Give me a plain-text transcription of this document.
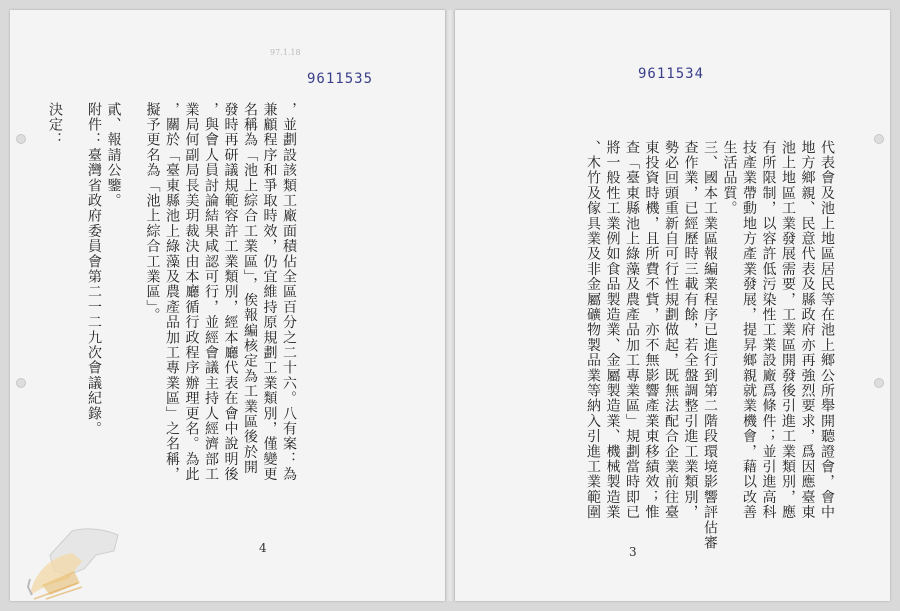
97.1.18
9611535
，並劃設該類工廠面積佔全區百分之二十六。八有案：為
兼顧程序和爭取時效，仍宜維持原規劃工業類別，僅變更
名稱為「池上綜合工業區」，俟報編核定為工業區後於開
發時再研議規範容許工業類別，經本廳代表在會中說明後
，與會人員討論結果咸認可行，並經會議主持人經濟部工
業局何副局長美玥裁決由本廳循行政程序辦理更名。為此
，關於「臺東縣池上綠藻及農產品加工專業區」之名稱，
擬予更名為「池上綜合工業區」。

貳、報請公鑒。
附件：臺灣省政府委員會第二一二九次會議紀錄。

決定：
4
9611534
代表會及池上地區居民等在池上鄉公所舉開聽證會，會中
地方鄉親、民意代表及縣政府亦再強烈要求，爲因應臺東
池上地區工業發展需要，工業區開發後引進工業類別，應
有所限制，以容許低污染性工業設廠爲條件；並引進高科
技產業帶動地方產業發展，提昇鄉親就業機會，藉以改善
生活品質。
三、國本工業區報編業程序已進行到第二階段環境影響評估審
查作業，已經歷時三載有餘，若全盤調整引進工業類別，
勢必回頭重新自可行性規劃做起，既無法配合企業前往臺
東投資時機，且所費不貲，亦不無影響產業東移績效；惟
查「臺東縣池上綠藻及農產品加工專業區」規劃當時即已
將一般性工業例如食品製造業、金屬製造業、機械製造業
、木竹及傢具業及非金屬礦物製品業等納入引進工業範圍
3
